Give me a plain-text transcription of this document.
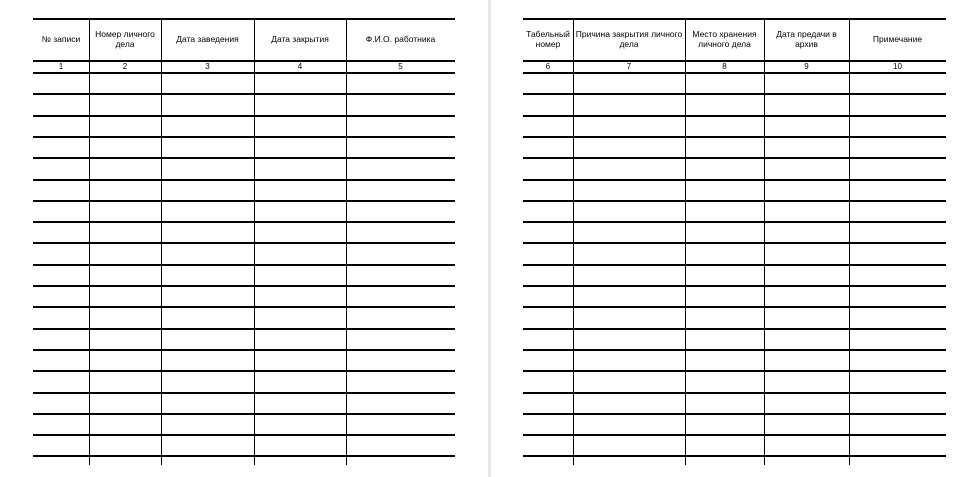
№ записи
1
Номер личного дела
2
Дата заведения
3
Дата закрытия
4
Ф.И.О. работника
5
Табельный номер
6
Причина закрытия личного дела
7
Место хранения личного дела
8
Дата предачи в архив
9
Примечание
10
